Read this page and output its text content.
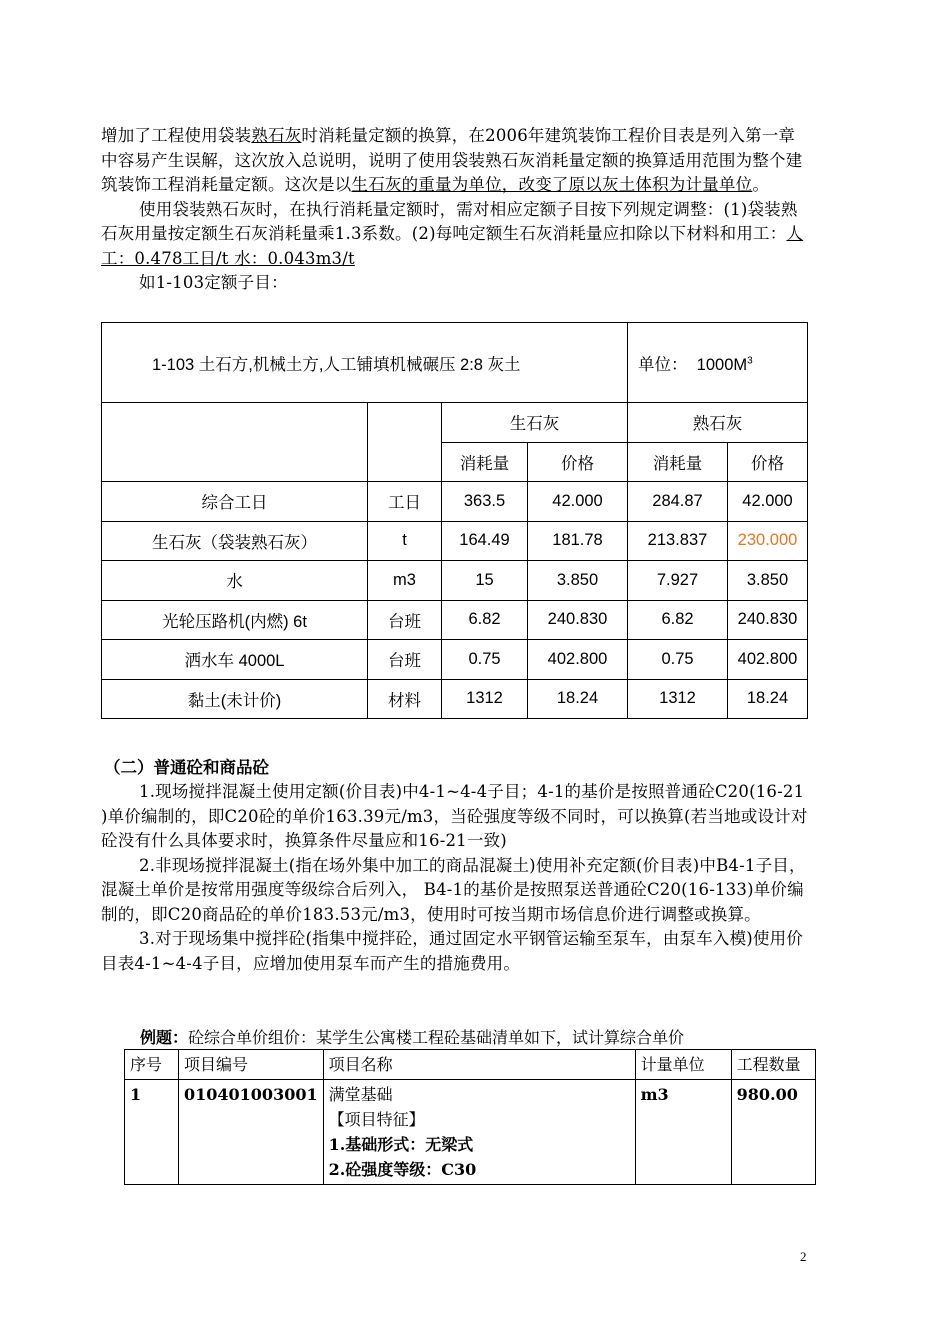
增加了工程使用袋装熟石灰时消耗量定额的换算，在2006年建筑装饰工程价目表是列入第一章中容易产生误解，这次放入总说明，说明了使用袋装熟石灰消耗量定额的换算适用范围为整个建筑装饰工程消耗量定额。这次是以生石灰的重量为单位，改变了原以灰土体积为计量单位。

使用袋装熟石灰时，在执行消耗量定额时，需对相应定额子目按下列规定调整：(1)袋装熟石灰用量按定额生石灰消耗量乘1.3系数。(2)每吨定额生石灰消耗量应扣除以下材料和用工：人工：0.478工日/t 水：0.043m3/t

如1-103定额子目：

1-103 土石方,机械土方,人工铺填机械碾压 2:8 灰土				单位： $1000M^3$
		生石灰		熟石灰	
		消耗量	价格	消耗量	价格
综合工日	工日	363.5	42.000	284.87	42.000
生石灰（袋装熟石灰）	t	164.49	181.78	213.837	230.000
水	m3	15	3.850	7.927	3.850
光轮压路机(内燃) 6t	台班	6.82	240.830	6.82	240.830
洒水车 4000L	台班	0.75	402.800	0.75	402.800
黏土(未计价)	材料	1312	18.24	1312	18.24
（二）普通砼和商品砼

1.现场搅拌混凝土使用定额(价目表)中4-1~4-4子目；4-1的基价是按照普通砼C20(16-21 )单价编制的，即C20砼的单价163.39元/m3，当砼强度等级不同时，可以换算(若当地或设计对砼没有什么具体要求时，换算条件尽量应和16-21一致)

2.非现场搅拌混凝土(指在场外集中加工的商品混凝土)使用补充定额(价目表)中B4-1子目，混凝土单价是按常用强度等级综合后列入， B4-1的基价是按照泵送普通砼C20(16-133)单价编制的，即C20商品砼的单价183.53元/m3，使用时可按当期市场信息价进行调整或换算。

3.对于现场集中搅拌砼(指集中搅拌砼，通过固定水平钢管运输至泵车，由泵车入模)使用价目表4-1~4-4子目，应增加使用泵车而产生的措施费用。

例题：砼综合单价组价：某学生公寓楼工程砼基础清单如下，试计算综合单价
序号	项目编号	项目名称	计量单位	工程数量
1	010401003001	满堂基础
【项目特征】
1.基础形式：无梁式
2.砼强度等级：C30	m3	980.00
2
